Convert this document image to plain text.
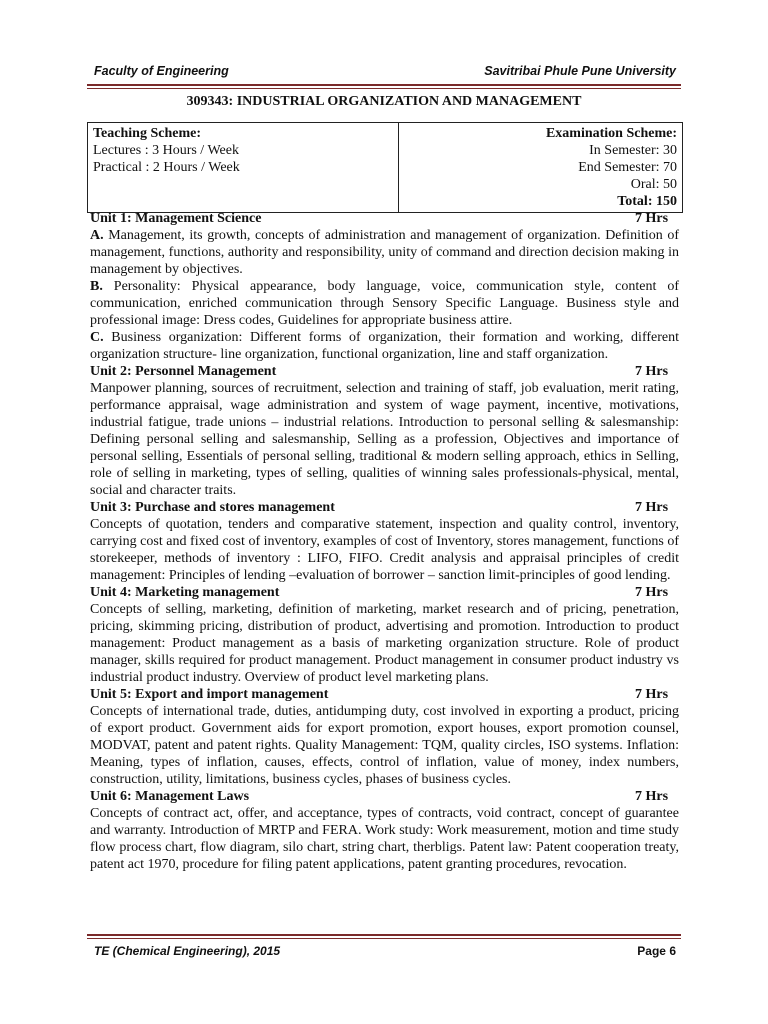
Faculty of Engineering	Savitribai Phule Pune University
309343: INDUSTRIAL ORGANIZATION AND MANAGEMENT
Teaching Scheme:
Lectures : 3 Hours / Week
Practical : 2 Hours / Week

Examination Scheme:
In Semester: 30
End Semester: 70
Oral: 50
Total: 150
Unit 1: Management Science	7 Hrs

A. Management, its growth, concepts of administration and management of organization. Definition of management, functions, authority and responsibility, unity of command and direction decision making in management by objectives.

B. Personality: Physical appearance, body language, voice, communication style, content of communication, enriched communication through Sensory Specific Language. Business style and professional image: Dress codes, Guidelines for appropriate business attire.

C. Business organization: Different forms of organization, their formation and working, different organization structure- line organization, functional organization, line and staff organization.

Unit 2: Personnel Management	7 Hrs

Manpower planning, sources of recruitment, selection and training of staff, job evaluation, merit rating, performance appraisal, wage administration and system of wage payment, incentive, motivations, industrial fatigue, trade unions – industrial relations. Introduction to personal selling & salesmanship: Defining personal selling and salesmanship, Selling as a profession, Objectives and importance of personal selling, Essentials of personal selling, traditional & modern selling approach, ethics in Selling, role of selling in marketing, types of selling, qualities of winning sales professionals-physical, mental, social and character traits.

Unit 3: Purchase and stores management	7 Hrs

Concepts of quotation, tenders and comparative statement, inspection and quality control, inventory, carrying cost and fixed cost of inventory, examples of cost of Inventory, stores management, functions of storekeeper, methods of inventory : LIFO, FIFO. Credit analysis and appraisal principles of credit management: Principles of lending –evaluation of borrower – sanction limit-principles of good lending.

Unit 4: Marketing management	7 Hrs

Concepts of selling, marketing, definition of marketing, market research and of pricing, penetration, pricing, skimming pricing, distribution of product, advertising and promotion. Introduction to product management: Product management as a basis of marketing organization structure. Role of product manager, skills required for product management. Product management in consumer product industry vs industrial product industry. Overview of product level marketing plans.

Unit 5: Export and import management	7 Hrs

Concepts of international trade, duties, antidumping duty, cost involved in exporting a product, pricing of export product. Government aids for export promotion, export houses, export promotion counsel, MODVAT, patent and patent rights. Quality Management: TQM, quality circles, ISO systems. Inflation: Meaning, types of inflation, causes, effects, control of inflation, value of money, index numbers, construction, utility, limitations, business cycles, phases of business cycles.

Unit 6: Management Laws	7 Hrs

Concepts of contract act, offer, and acceptance, types of contracts, void contract, concept of guarantee and warranty. Introduction of MRTP and FERA. Work study: Work measurement, motion and time study flow process chart, flow diagram, silo chart, string chart, therbligs. Patent law: Patent cooperation treaty, patent act 1970, procedure for filing patent applications, patent granting procedures, revocation.

TE (Chemical Engineering), 2015	Page 6
